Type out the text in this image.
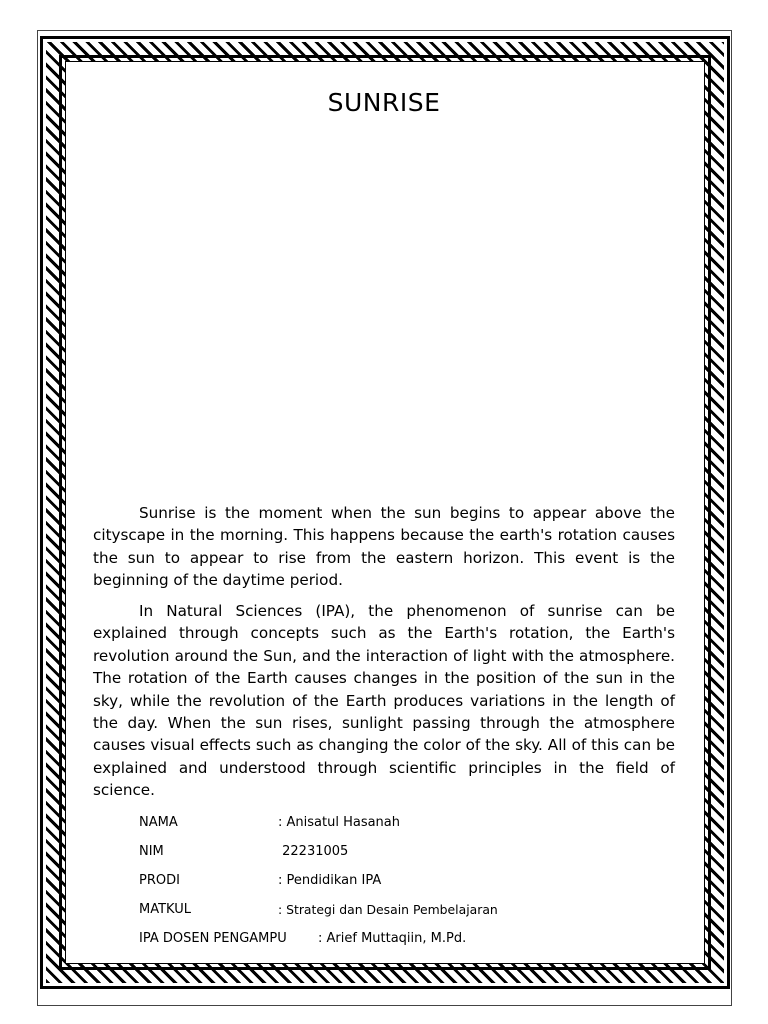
SUNRISE

Sunrise is the moment when the sun begins to appear above the cityscape in the morning. This happens because the earth's rotation causes the sun to appear to rise from the eastern horizon. This event is the beginning of the daytime period.

In Natural Sciences (IPA), the phenomenon of sunrise can be explained through concepts such as the Earth's rotation, the Earth's revolution around the Sun, and the interaction of light with the atmosphere. The rotation of the Earth causes changes in the position of the sun in the sky, while the revolution of the Earth produces variations in the length of the day. When the sun rises, sunlight passing through the atmosphere causes visual effects such as changing the color of the sky. All of this can be explained and understood through scientific principles in the field of science.

NAMA	: Anisatul Hasanah
NIM	22231005
PRODI	: Pendidikan IPA
MATKUL	: Strategi dan Desain Pembelajaran
IPA DOSEN PENGAMPU : Arief Muttaqiin, M.Pd.
